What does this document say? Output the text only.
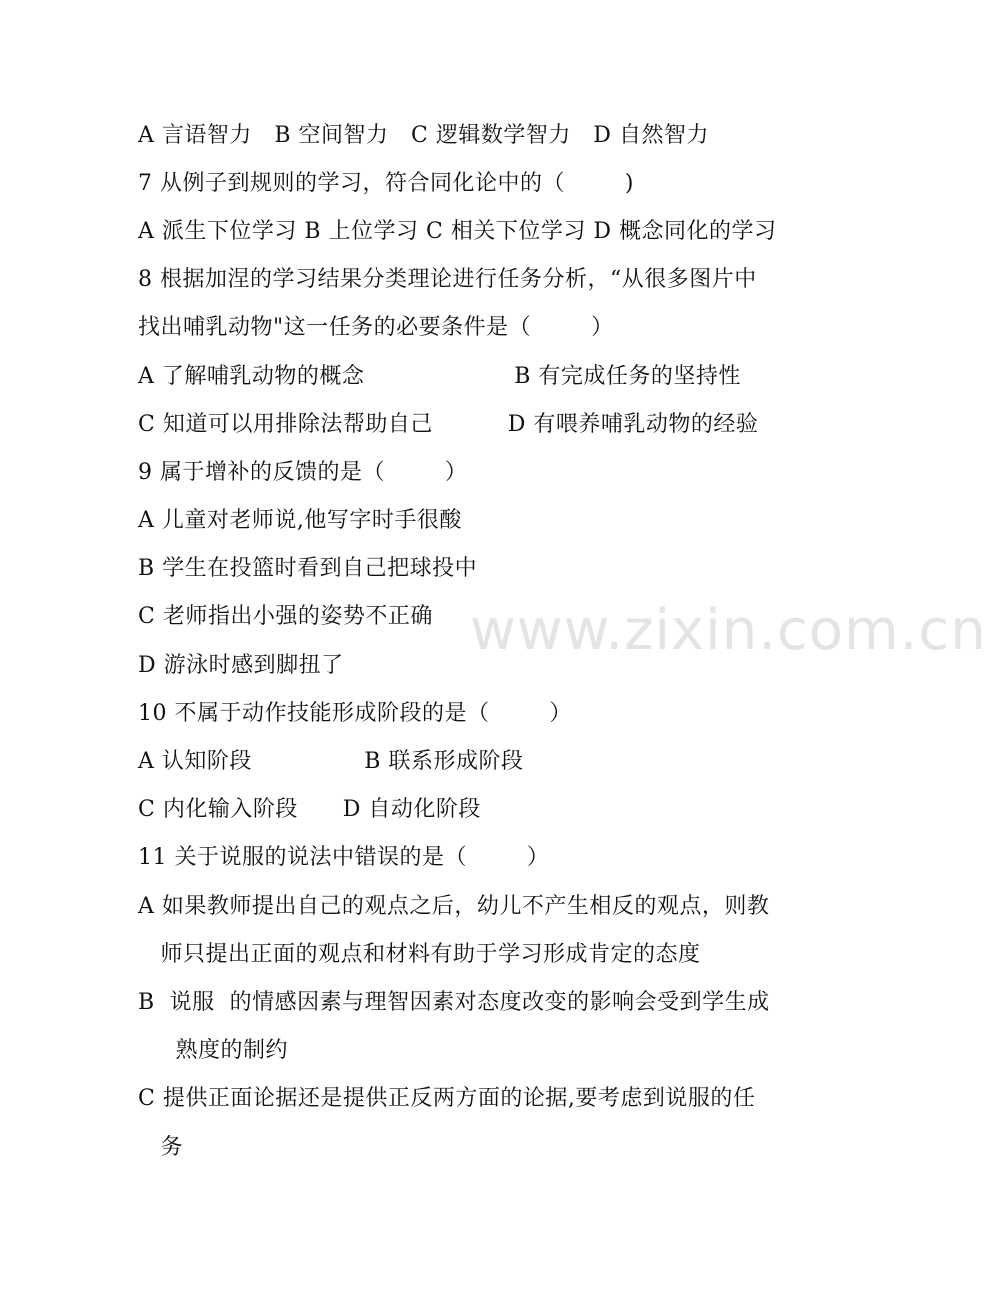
www.zixin.com.cn
A 言语智力   B 空间智力   C 逻辑数学智力   D 自然智力
7 从例子到规则的学习，符合同化论中的（        )
A 派生下位学习 B 上位学习 C 相关下位学习 D 概念同化的学习
8 根据加涅的学习结果分类理论进行任务分析，“从很多图片中
找出哺乳动物"这一任务的必要条件是（        ）
A 了解哺乳动物的概念                    B 有完成任务的坚持性
C 知道可以用排除法帮助自己          D 有喂养哺乳动物的经验
9 属于增补的反馈的是（        ）
A 儿童对老师说,他写字时手很酸
B 学生在投篮时看到自己把球投中
C 老师指出小强的姿势不正确
D 游泳时感到脚扭了
10 不属于动作技能形成阶段的是（        ）
A 认知阶段               B 联系形成阶段
C 内化输入阶段      D 自动化阶段
11 关于说服的说法中错误的是（        ）
A 如果教师提出自己的观点之后，幼儿不产生相反的观点，则教
师只提出正面的观点和材料有助于学习形成肯定的态度
B  说服  的情感因素与理智因素对态度改变的影响会受到学生成
熟度的制约
C 提供正面论据还是提供正反两方面的论据,要考虑到说服的任
务
